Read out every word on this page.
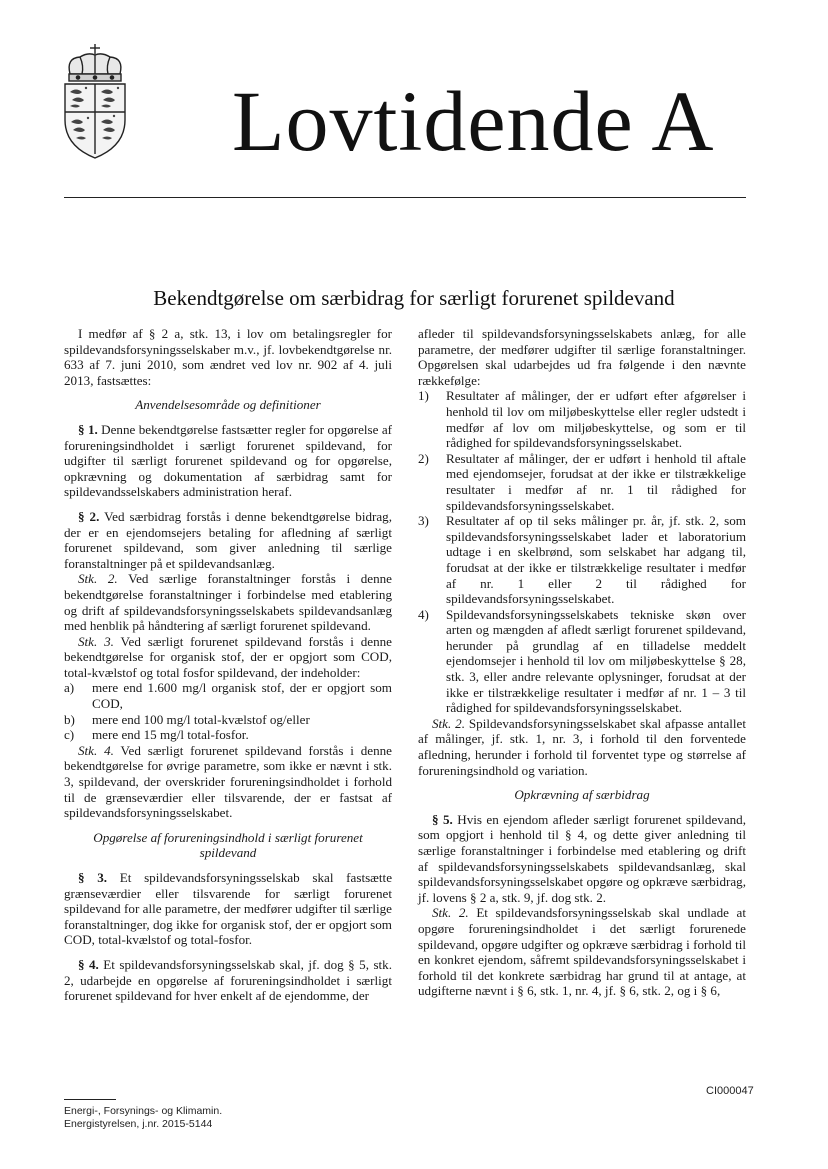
Lovtidende A
Bekendtgørelse om særbidrag for særligt forurenet spildevand

I medfør af § 2 a, stk. 13, i lov om betalingsregler for spildevandsforsyningsselskaber m.v., jf. lovbekendtgørelse nr. 633 af 7. juni 2010, som ændret ved lov nr. 902 af 4. juli 2013, fastsættes:

Anvendelsesområde og definitioner

§ 1. Denne bekendtgørelse fastsætter regler for opgørelse af forureningsindholdet i særligt forurenet spildevand, for udgifter til særligt forurenet spildevand og for opgørelse, opkrævning og dokumentation af særbidrag samt for spildevandsselskabers administration heraf.

§ 2. Ved særbidrag forstås i denne bekendtgørelse bidrag, der er en ejendomsejers betaling for afledning af særligt forurenet spildevand, som giver anledning til særlige foranstaltninger på et spildevandsanlæg.

Stk. 2. Ved særlige foranstaltninger forstås i denne bekendtgørelse foranstaltninger i forbindelse med etablering og drift af spildevandsforsyningsselskabets spildevandsanlæg med henblik på håndtering af særligt forurenet spildevand.

Stk. 3. Ved særligt forurenet spildevand forstås i denne bekendtgørelse for organisk stof, der er opgjort som COD, total-kvælstof og total fosfor spildevand, der indeholder:

a)	mere end 1.600 mg/l organisk stof, der er opgjort som COD,
b)	mere end 100 mg/l total-kvælstof og/eller
c)	mere end 15 mg/l total-fosfor.

Stk. 4. Ved særligt forurenet spildevand forstås i denne bekendtgørelse for øvrige parametre, som ikke er nævnt i stk. 3, spildevand, der overskrider forureningsindholdet i forhold til de grænseværdier eller tilsvarende, der er fastsat af spildevandsforsyningsselskabet.

Opgørelse af forureningsindhold i særligt forurenet spildevand

§ 3. Et spildevandsforsyningsselskab skal fastsætte grænseværdier eller tilsvarende for særligt forurenet spildevand for alle parametre, der medfører udgifter til særlige foranstaltninger, dog ikke for organisk stof, der er opgjort som COD, total-kvælstof og total-fosfor.

§ 4. Et spildevandsforsyningsselskab skal, jf. dog § 5, stk. 2, udarbejde en opgørelse af forureningsindholdet i særligt forurenet spildevand for hver enkelt af de ejendomme, der

afleder til spildevandsforsyningsselskabets anlæg, for alle parametre, der medfører udgifter til særlige foranstaltninger. Opgørelsen skal udarbejdes ud fra følgende i den nævnte rækkefølge:

1)	Resultater af målinger, der er udført efter afgørelser i henhold til lov om miljøbeskyttelse eller regler udstedt i medfør af lov om miljøbeskyttelse, og som er til rådighed for spildevandsforsyningsselskabet.
2)	Resultater af målinger, der er udført i henhold til aftale med ejendomsejer, forudsat at der ikke er tilstrækkelige resultater i medfør af nr. 1 til rådighed for spildevandsforsyningsselskabet.
3)	Resultater af op til seks målinger pr. år, jf. stk. 2, som spildevandsforsyningsselskabet lader et laboratorium udtage i en skelbrønd, som selskabet har adgang til, forudsat at der ikke er tilstrækkelige resultater i medfør af nr. 1 eller 2 til rådighed for spildevandsforsyningsselskabet.
4)	Spildevandsforsyningsselskabets tekniske skøn over arten og mængden af afledt særligt forurenet spildevand, herunder på grundlag af en tilladelse meddelt ejendomsejer i henhold til lov om miljøbeskyttelse § 28, stk. 3, eller andre relevante oplysninger, forudsat at der ikke er tilstrækkelige resultater i medfør af nr. 1 – 3 til rådighed for spildevandsforsyningsselskabet.

Stk. 2. Spildevandsforsyningsselskabet skal afpasse antallet af målinger, jf. stk. 1, nr. 3, i forhold til den forventede afledning, herunder i forhold til forventet type og størrelse af forureningsindhold og variation.

Opkrævning af særbidrag

§ 5. Hvis en ejendom afleder særligt forurenet spildevand, som opgjort i henhold til § 4, og dette giver anledning til særlige foranstaltninger i forbindelse med etablering og drift af spildevandsforsyningsselskabets spildevandsanlæg, skal spildevandsforsyningsselskabet opgøre og opkræve særbidrag, jf. lovens § 2 a, stk. 9, jf. dog stk. 2.

Stk. 2. Et spildevandsforsyningsselskab skal undlade at opgøre forureningsindholdet i det særligt forurenede spildevand, opgøre udgifter og opkræve særbidrag i forhold til en konkret ejendom, såfremt spildevandsforsyningsselskabet i forhold til det konkrete særbidrag har grund til at antage, at udgifterne nævnt i § 6, stk. 1, nr. 4, jf. § 6, stk. 2, og i § 6,

CI000047
Energi-, Forsynings- og Klimamin.
Energistyrelsen, j.nr. 2015-5144
